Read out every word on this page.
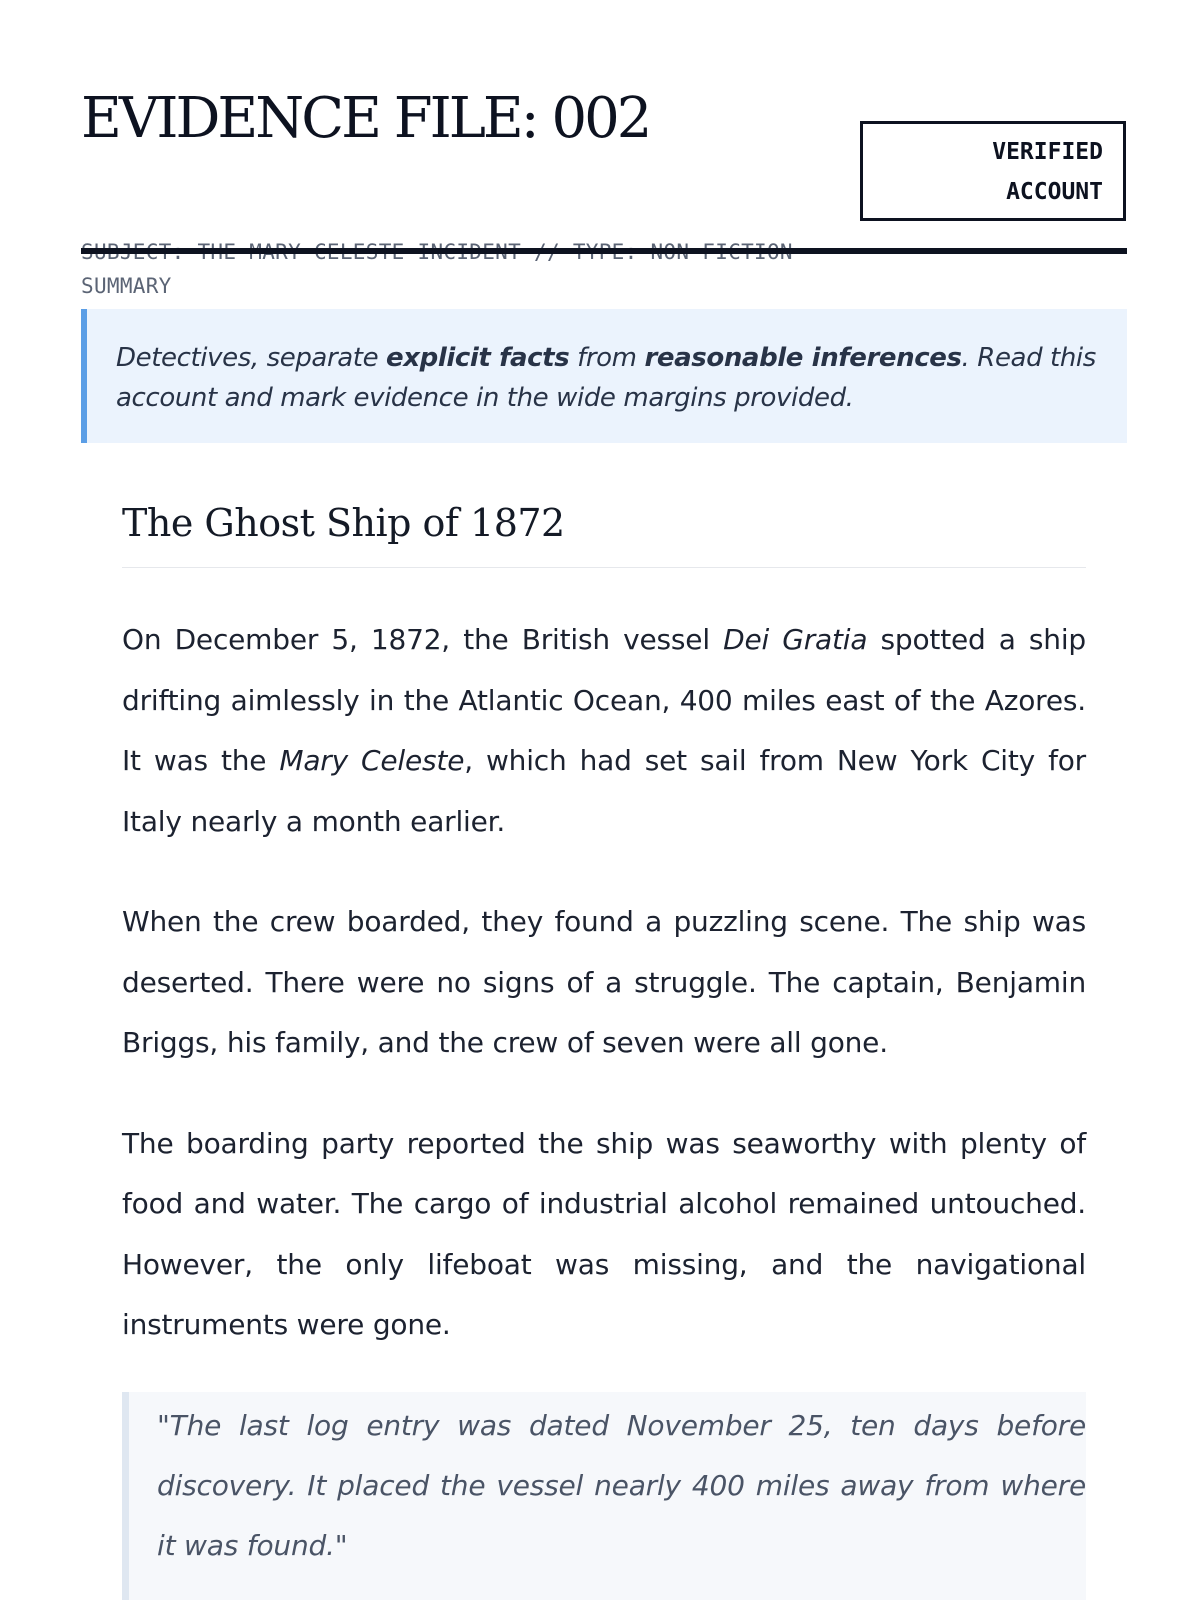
EVIDENCE FILE: 002
SUMMARY
VERIFIED
ACCOUNT
Detectives, separate explicit facts from reasonable inferences. Read this account and mark evidence in the wide margins provided.
The Ghost Ship of 1872

On December 5, 1872, the British vessel Dei Gratia spotted a ship drifting aimlessly in the Atlantic Ocean, 400 miles east of the Azores. It was the Mary Celeste, which had set sail from New York City for Italy nearly a month earlier.

When the crew boarded, they found a puzzling scene. The ship was deserted. There were no signs of a struggle. The captain, Benjamin Briggs, his family, and the crew of seven were all gone.

The boarding party reported the ship was seaworthy with plenty of food and water. The cargo of industrial alcohol remained untouched. However, the only lifeboat was missing, and the navigational instruments were gone.

"The last log entry was dated November 25, ten days before discovery. It placed the vessel nearly 400 miles away from where it was found."
